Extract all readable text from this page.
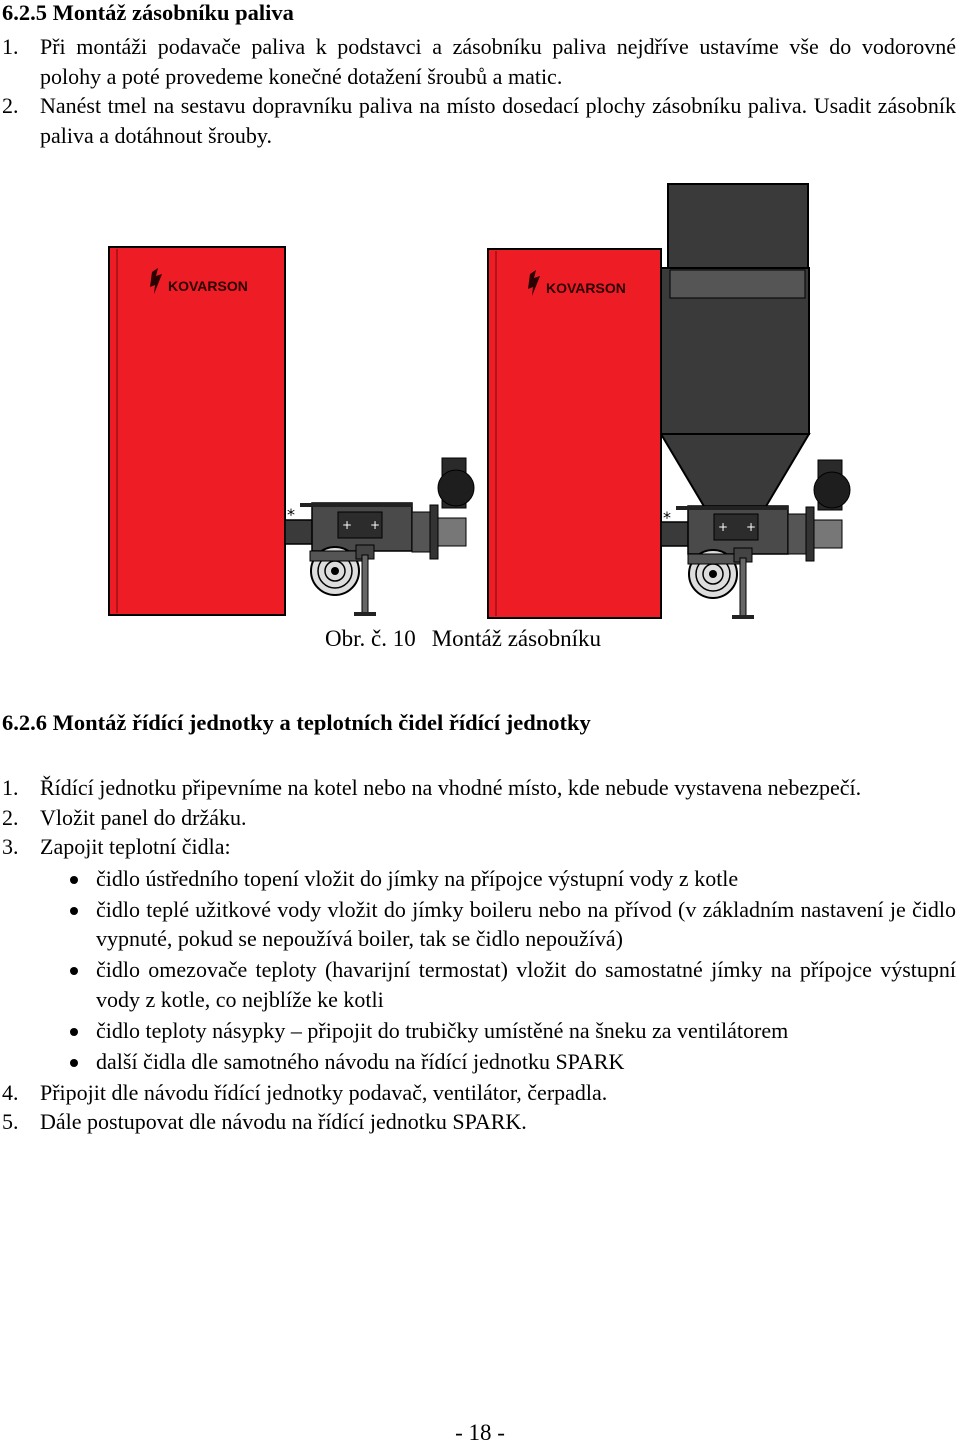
6.2.5 Montáž zásobníku paliva
1. Při montáži podavače paliva k podstavci a zásobníku paliva nejdříve ustavíme vše do vodorovné polohy a poté provedeme konečné dotažení šroubů a matic.
2. Nanést tmel na sestavu dopravníku paliva na místo dosedací plochy zásobníku paliva. Usadit zásobník paliva a dotáhnout šrouby.
KOVARSON
+ +
*
KOVARSON
+ +
*
Obr. č. 10 Montáž zásobníku
6.2.6 Montáž řídící jednotky a teplotních čidel řídící jednotky
1. Řídící jednotku připevníme na kotel nebo na vhodné místo, kde nebude vystavena nebezpečí.
2. Vložit panel do držáku.
3. Zapojit teplotní čidla:
čidlo ústředního topení vložit do jímky na přípojce výstupní vody z kotle
čidlo teplé užitkové vody vložit do jímky boileru nebo na přívod (v základním nastavení je čidlo vypnuté, pokud se nepoužívá boiler, tak se čidlo nepoužívá)
čidlo omezovače teploty (havarijní termostat) vložit do samostatné jímky na přípojce výstupní vody z kotle, co nejblíže ke kotli
čidlo teploty násypky – připojit do trubičky umístěné na šneku za ventilátorem
další čidla dle samotného návodu na řídící jednotku SPARK
4. Připojit dle návodu řídící jednotky podavač, ventilátor, čerpadla.
5. Dále postupovat dle návodu na řídící jednotku SPARK.
- 18 -
